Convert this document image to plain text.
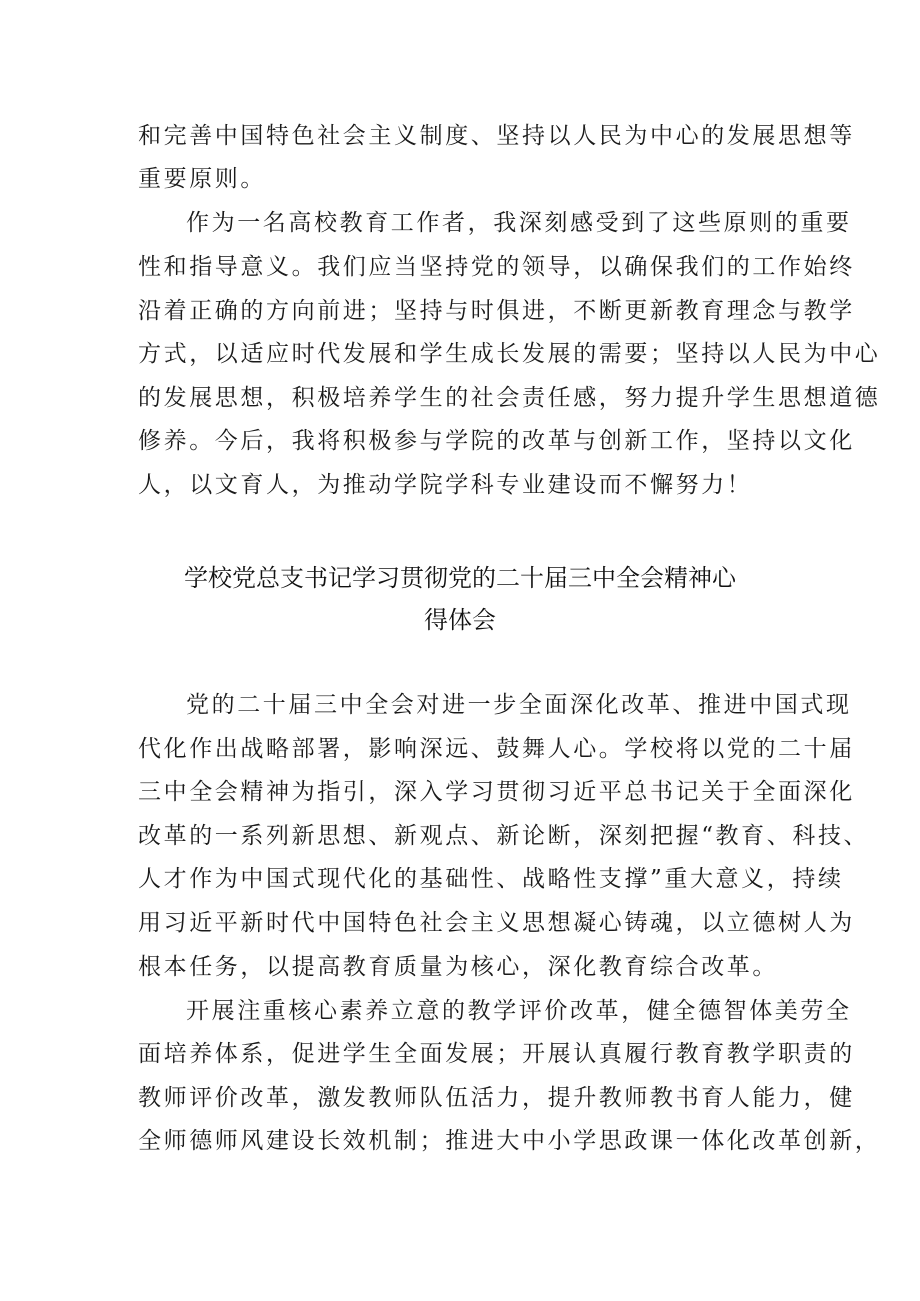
和完善中国特色社会主义制度、坚持以人民为中心的发展思想等
重要原则。
作为一名高校教育工作者，我深刻感受到了这些原则的重要
性和指导意义。我们应当坚持党的领导，以确保我们的工作始终
沿着正确的方向前进；坚持与时俱进，不断更新教育理念与教学
方式，以适应时代发展和学生成长发展的需要；坚持以人民为中心
的发展思想，积极培养学生的社会责任感，努力提升学生思想道德
修养。今后，我将积极参与学院的改革与创新工作，坚持以文化
人，以文育人，为推动学院学科专业建设而不懈努力！
学校党总支书记学习贯彻党的二十届三中全会精神心
得体会
党的二十届三中全会对进一步全面深化改革、推进中国式现
代化作出战略部署，影响深远、鼓舞人心。学校将以党的二十届
三中全会精神为指引，深入学习贯彻习近平总书记关于全面深化
改革的一系列新思想、新观点、新论断，深刻把握“教育、科技、
人才作为中国式现代化的基础性、战略性支撑”重大意义，持续
用习近平新时代中国特色社会主义思想凝心铸魂，以立德树人为
根本任务，以提高教育质量为核心，深化教育综合改革。
开展注重核心素养立意的教学评价改革，健全德智体美劳全
面培养体系，促进学生全面发展；开展认真履行教育教学职责的
教师评价改革，激发教师队伍活力，提升教师教书育人能力，健
全师德师风建设长效机制；推进大中小学思政课一体化改革创新，
